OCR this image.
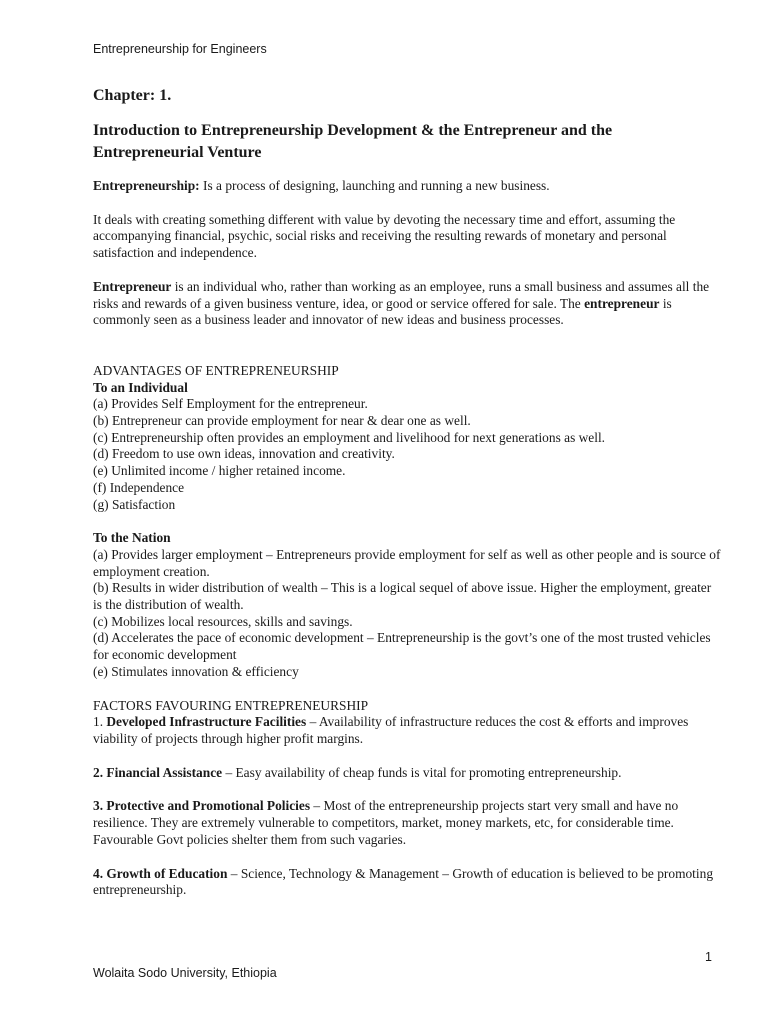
Entrepreneurship for Engineers
Chapter: 1.
Introduction to Entrepreneurship Development & the Entrepreneur and the Entrepreneurial Venture

Entrepreneurship: Is a process of designing, launching and running a new business.

It deals with creating something different with value by devoting the necessary time and effort, assuming the accompanying financial, psychic, social risks and receiving the resulting rewards of monetary and personal satisfaction and independence.

Entrepreneur is an individual who, rather than working as an employee, runs a small business and assumes all the risks and rewards of a given business venture, idea, or good or service offered for sale. The entrepreneur is commonly seen as a business leader and innovator of new ideas and business processes.

ADVANTAGES OF ENTREPRENEURSHIP
To an Individual
(a) Provides Self Employment for the entrepreneur.
(b) Entrepreneur can provide employment for near & dear one as well.
(c) Entrepreneurship often provides an employment and livelihood for next generations as well.
(d) Freedom to use own ideas, innovation and creativity.
(e) Unlimited income / higher retained income.
(f) Independence
(g) Satisfaction
To the Nation
(a) Provides larger employment – Entrepreneurs provide employment for self as well as other people and is source of employment creation.
(b) Results in wider distribution of wealth – This is a logical sequel of above issue. Higher the employment, greater is the distribution of wealth.
(c) Mobilizes local resources, skills and savings.
(d) Accelerates the pace of economic development – Entrepreneurship is the govt’s one of the most trusted vehicles for economic development
(e) Stimulates innovation & efficiency
FACTORS FAVOURING ENTREPRENEURSHIP

1. Developed Infrastructure Facilities – Availability of infrastructure reduces the cost & efforts and improves viability of projects through higher profit margins.

2. Financial Assistance – Easy availability of cheap funds is vital for promoting entrepreneurship.

3. Protective and Promotional Policies – Most of the entrepreneurship projects start very small and have no resilience. They are extremely vulnerable to competitors, market, money markets, etc, for considerable time. Favourable Govt policies shelter them from such vagaries.

4. Growth of Education – Science, Technology & Management – Growth of education is believed to be promoting entrepreneurship.

1
Wolaita Sodo University, Ethiopia
